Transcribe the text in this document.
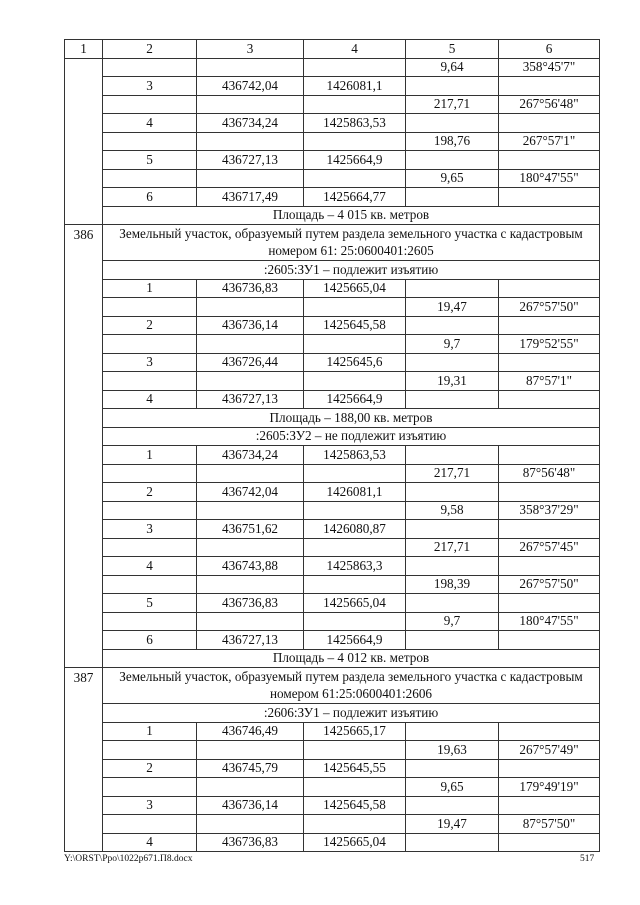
1	2	3	4	5	6
				9,64	358°45'7"
	3	436742,04	1426081,1		
				217,71	267°56'48"
	4	436734,24	1425863,53		
				198,76	267°57'1"
	5	436727,13	1425664,9		
				9,65	180°47'55"
	6	436717,49	1425664,77		
	Площадь – 4 015 кв. метров				
386	Земельный участок, образуемый путем раздела земельного участка с кадастровым номером 61: 25:0600401:2605				
	:2605:ЗУ1 – подлежит изъятию				
	1	436736,83	1425665,04		
				19,47	267°57'50"
	2	436736,14	1425645,58		
				9,7	179°52'55"
	3	436726,44	1425645,6		
				19,31	87°57'1"
	4	436727,13	1425664,9		
	Площадь – 188,00 кв. метров				
	:2605:ЗУ2 – не подлежит изъятию				
	1	436734,24	1425863,53		
				217,71	87°56'48"
	2	436742,04	1426081,1		
				9,58	358°37'29"
	3	436751,62	1426080,87		
				217,71	267°57'45"
	4	436743,88	1425863,3		
				198,39	267°57'50"
	5	436736,83	1425665,04		
				9,7	180°47'55"
	6	436727,13	1425664,9		
	Площадь – 4 012 кв. метров				
387	Земельный участок, образуемый путем раздела земельного участка с кадастровым номером 61:25:0600401:2606				
	:2606:ЗУ1 – подлежит изъятию				
	1	436746,49	1425665,17		
				19,63	267°57'49"
	2	436745,79	1425645,55		
				9,65	179°49'19"
	3	436736,14	1425645,58		
				19,47	87°57'50"
	4	436736,83	1425665,04		
Y:\ORST\Ррo\1022р671.П8.docx	517
